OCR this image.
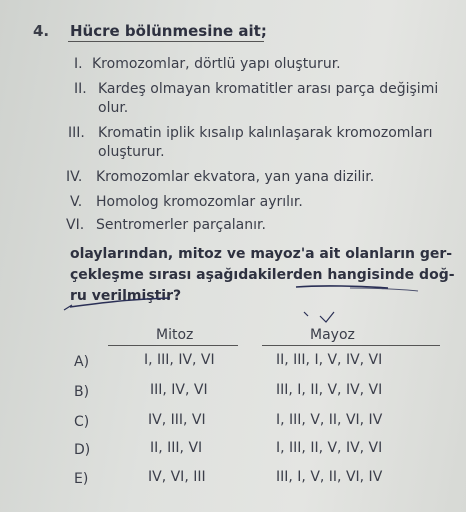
4. Hücre bölünmesine ait;
I. Kromozomlar, dörtlü yapı oluşturur.
II. Kardeş olmayan kromatitler arası parça değişimi
olur.
III. Kromatin iplik kısalıp kalınlaşarak kromozomları
oluşturur.
IV. Kromozomlar ekvatora, yan yana dizilir.
V. Homolog kromozomlar ayrılır.
VI. Sentromerler parçalanır.
olaylarından, mitoz ve mayoz'a ait olanların ger-
çekleşme sırası aşağıdakilerden hangisinde doğ-
ru verilmiştir?
Mitoz	Mayoz
A)	I, III, IV, VI	II, III, I, V, IV, VI
B)	III, IV, VI	III, I, II, V, IV, VI
C)	IV, III, VI	I, III, V, II, VI, IV
D)	II, III, VI	I, III, II, V, IV, VI
E)	IV, VI, III	III, I, V, II, VI, IV
